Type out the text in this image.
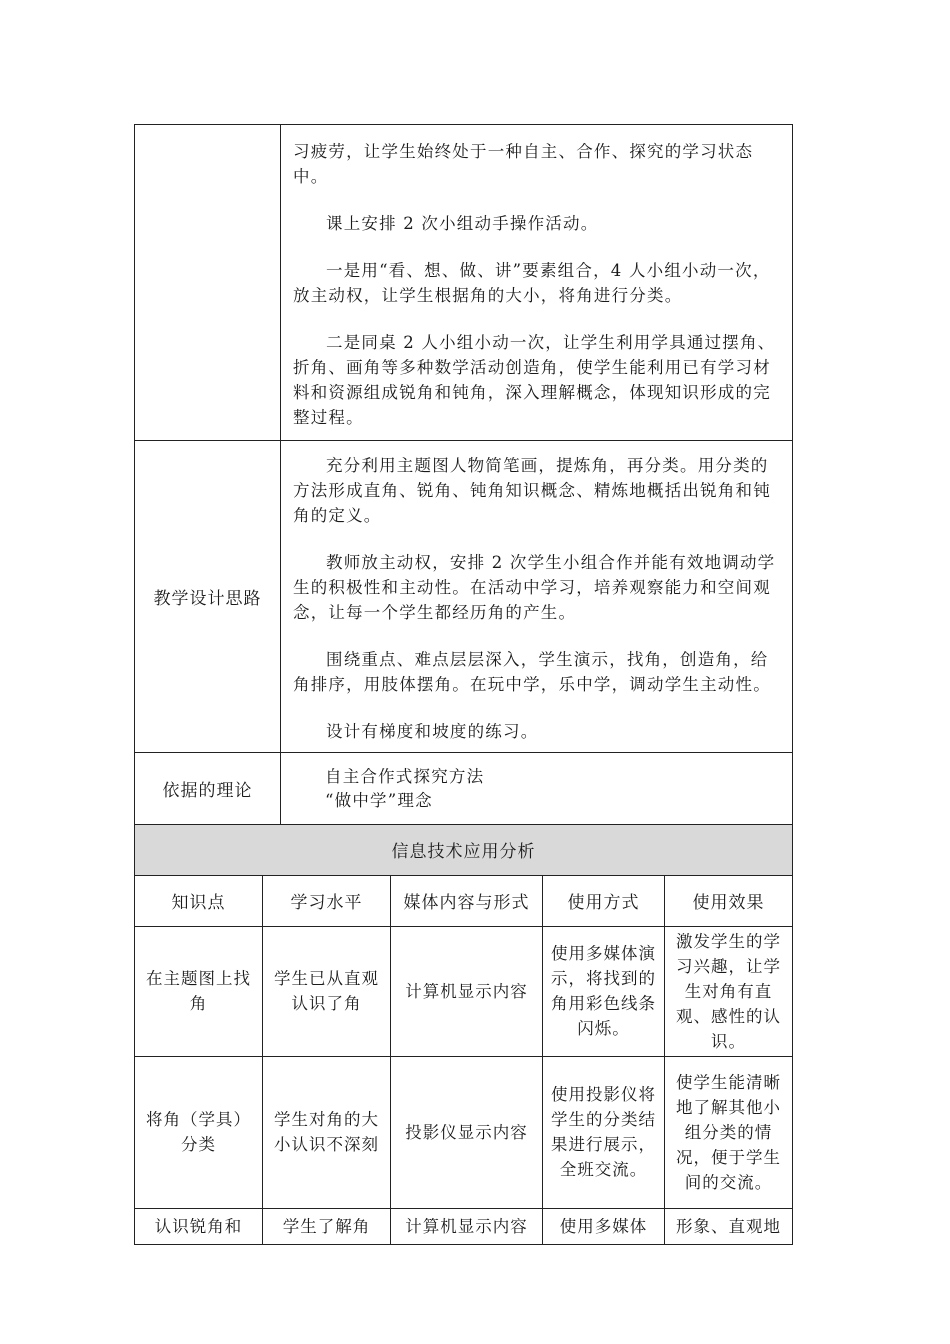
	习疲劳，让学生始终处于一种自主、合作、探究的学习状态中。

课上安排 2 次小组动手操作活动。

一是用“看、想、做、讲”要素组合，4 人小组小动一次，放主动权，让学生根据角的大小，将角进行分类。

二是同桌 2 人小组小动一次，让学生利用学具通过摆角、折角、画角等多种数学活动创造角，使学生能利用已有学习材料和资源组成锐角和钝角，深入理解概念，体现知识形成的完整过程。

教学设计思路	充分利用主题图人物简笔画，提炼角，再分类。用分类的方法形成直角、锐角、钝角知识概念、精炼地概括出锐角和钝角的定义。

教师放主动权，安排 2 次学生小组合作并能有效地调动学生的积极性和主动性。在活动中学习，培养观察能力和空间观念，让每一个学生都经历角的产生。

围绕重点、难点层层深入，学生演示，找角，创造角，给角排序，用肢体摆角。在玩中学，乐中学，调动学生主动性。

设计有梯度和坡度的练习。

依据的理论	自主合作式探究方法
“做中学”理念
信息技术应用分析				
知识点	学习水平	媒体内容与形式	使用方式	使用效果
在主题图上找角	学生已从直观认识了角	计算机显示内容	使用多媒体演示，将找到的角用彩色线条闪烁。	激发学生的学习兴趣，让学生对角有直观、感性的认识。
将角（学具）分类	学生对角的大小认识不深刻	投影仪显示内容	使用投影仪将学生的分类结果进行展示，全班交流。	使学生能清晰地了解其他小组分类的情况，便于学生间的交流。
认识锐角和	学生了解角	计算机显示内容	使用多媒体	形象、直观地
